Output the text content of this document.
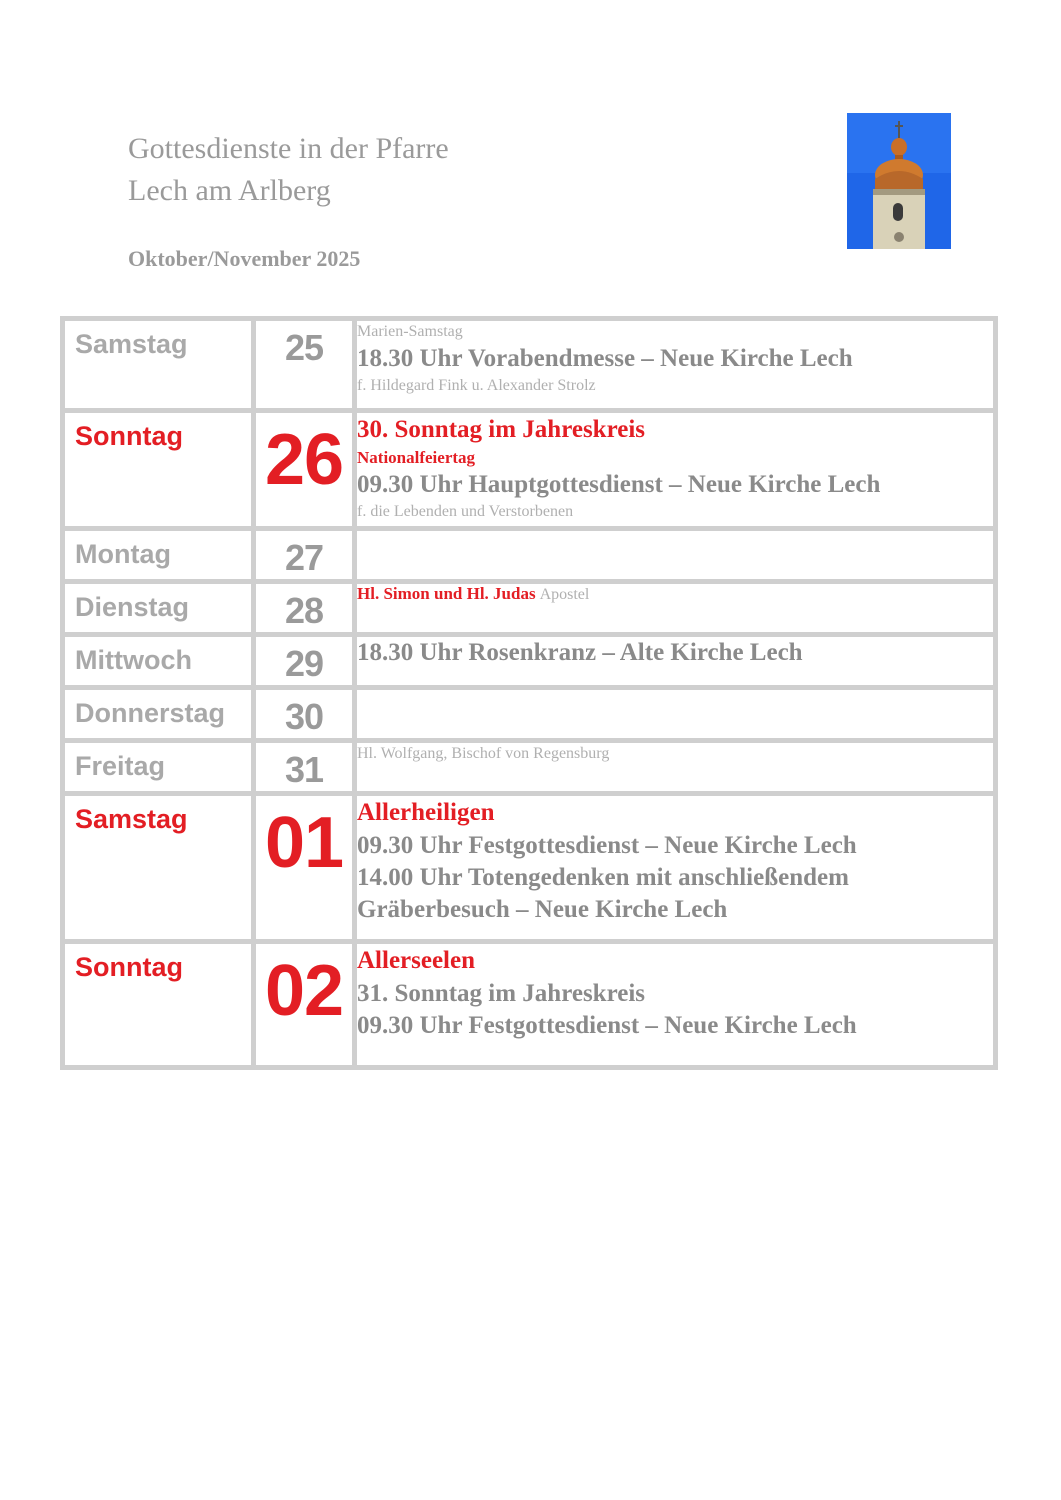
Gottesdienste in der Pfarre
Lech am Arlberg
Oktober/November 2025
Samstag	25	Marien-Samstag
18.30 Uhr Vorabendmesse – Neue Kirche Lech
f. Hildegard Fink u. Alexander Strolz

Sonntag	26	30. Sonntag im Jahreskreis
Nationalfeiertag
09.30 Uhr Hauptgottesdienst – Neue Kirche Lech
f. die Lebenden und Verstorbenen

Montag	27	

Dienstag	28	Hl. Simon und Hl. Judas Apostel

Mittwoch	29	18.30 Uhr Rosenkranz – Alte Kirche Lech

Donnerstag	30	

Freitag	31	Hl. Wolfgang, Bischof von Regensburg

Samstag	01	Allerheiligen
09.30 Uhr Festgottesdienst – Neue Kirche Lech
14.00 Uhr Totengedenken mit anschließendem Gräberbesuch – Neue Kirche Lech

Sonntag	02	Allerseelen
31. Sonntag im Jahreskreis
09.30 Uhr Festgottesdienst – Neue Kirche Lech
